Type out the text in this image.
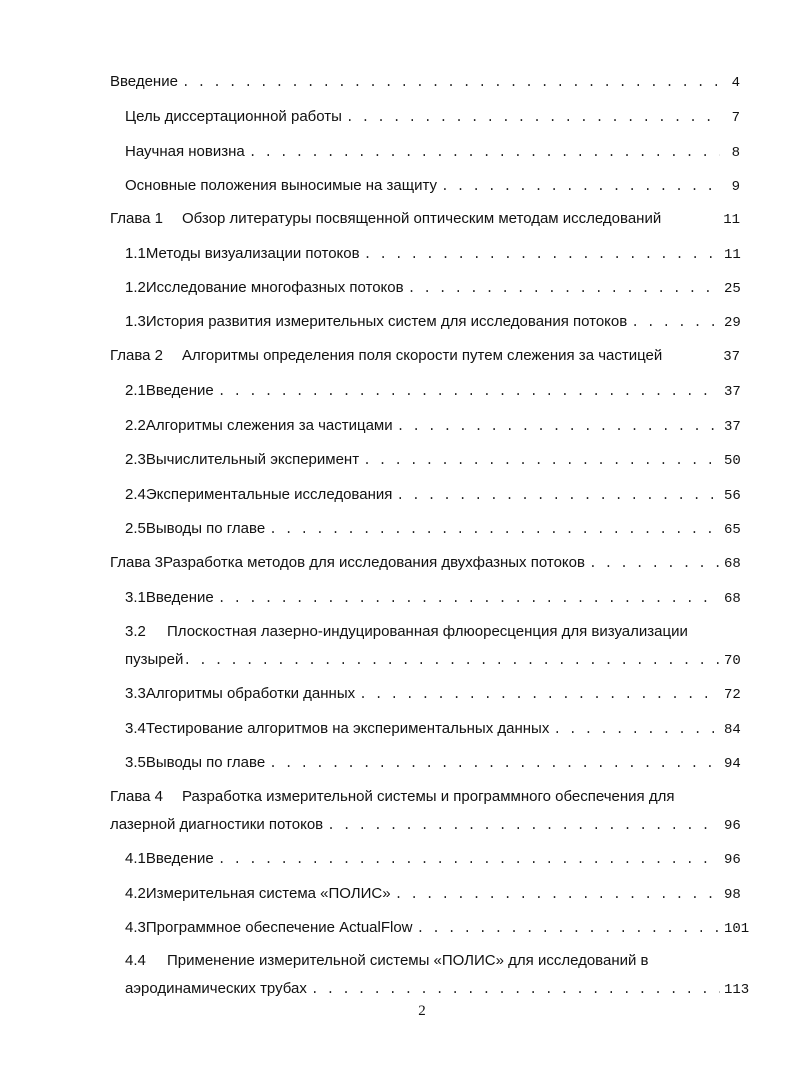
Введение . . .	4
Цель диссертационной работы . . .	7
Научная новизна . . .	8
Основные положения выносимые на защиту . . .	9
Глава 1	Обзор литературы посвященной оптическим методам исследований	11
1.1 Методы визуализации потоков . . .	11
1.2 Исследование многофазных потоков . . .	25
1.3 История развития измерительных систем для исследования потоков . . .	29
Глава 2	Алгоритмы определения поля скорости путем слежения за частицей	37
2.1 Введение . . .	37
2.2 Алгоритмы слежения за частицами . . .	37
2.3 Вычислительный эксперимент . . .	50
2.4 Экспериментальные исследования . . .	56
2.5 Выводы по главе . . .	65
Глава 3 Разработка методов для исследования двухфазных потоков . . .	68
3.1 Введение . . .	68
3.2	Плоскостная лазерно-индуцированная флюоресценция для визуализации
пузырей . . .	70
3.3 Алгоритмы обработки данных . . .	72
3.4 Тестирование алгоритмов на экспериментальных данных . . .	84
3.5 Выводы по главе . . .	94
Глава 4	Разработка измерительной системы и программного обеспечения для
лазерной диагностики потоков . . .	96
4.1 Введение . . .	96
4.2 Измерительная система «ПОЛИС» . . .	98
4.3 Программное обеспечение ActualFlow . . .	101
4.4	Применение измерительной системы «ПОЛИС» для исследований в
аэродинамических трубах . . .	113
2
